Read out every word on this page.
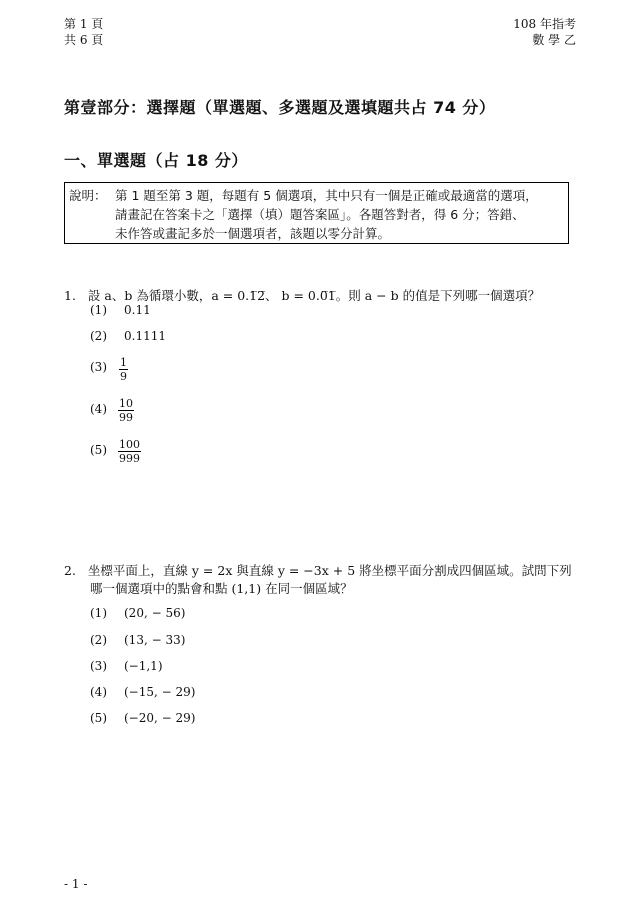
第 1 頁
共 6 頁
108 年指考
數 學 乙
第壹部分：選擇題（單選題、多選題及選填題共占 74 分）
一、單選題（占 18 分）
說明： 第 1 題至第 3 題，每題有 5 個選項，其中只有一個是正確或最適當的選項，
請畫記在答案卡之「選擇（填）題答案區」。各題答對者，得 6 分；答錯、
未作答或畫記多於一個選項者，該題以零分計算。
1. 設 a、b 為循環小數，a = 0.1̅2̅、 b = 0.0̅1̅。則 a − b 的值是下列哪一個選項？
(1) 0.11
(2) 0.1111
(3)	$\frac{1}{9}$
(4)	$\frac{10}{99}$
(5)	$\frac{100}{999}$
2. 坐標平面上，直線 y = 2x 與直線 y = −3x + 5 將坐標平面分割成四個區域。試問下列
哪一個選項中的點會和點 (1,1) 在同一個區域？
(1) (20, − 56)
(2) (13, − 33)
(3) (−1,1)
(4) (−15, − 29)
(5) (−20, − 29)
- 1 -
